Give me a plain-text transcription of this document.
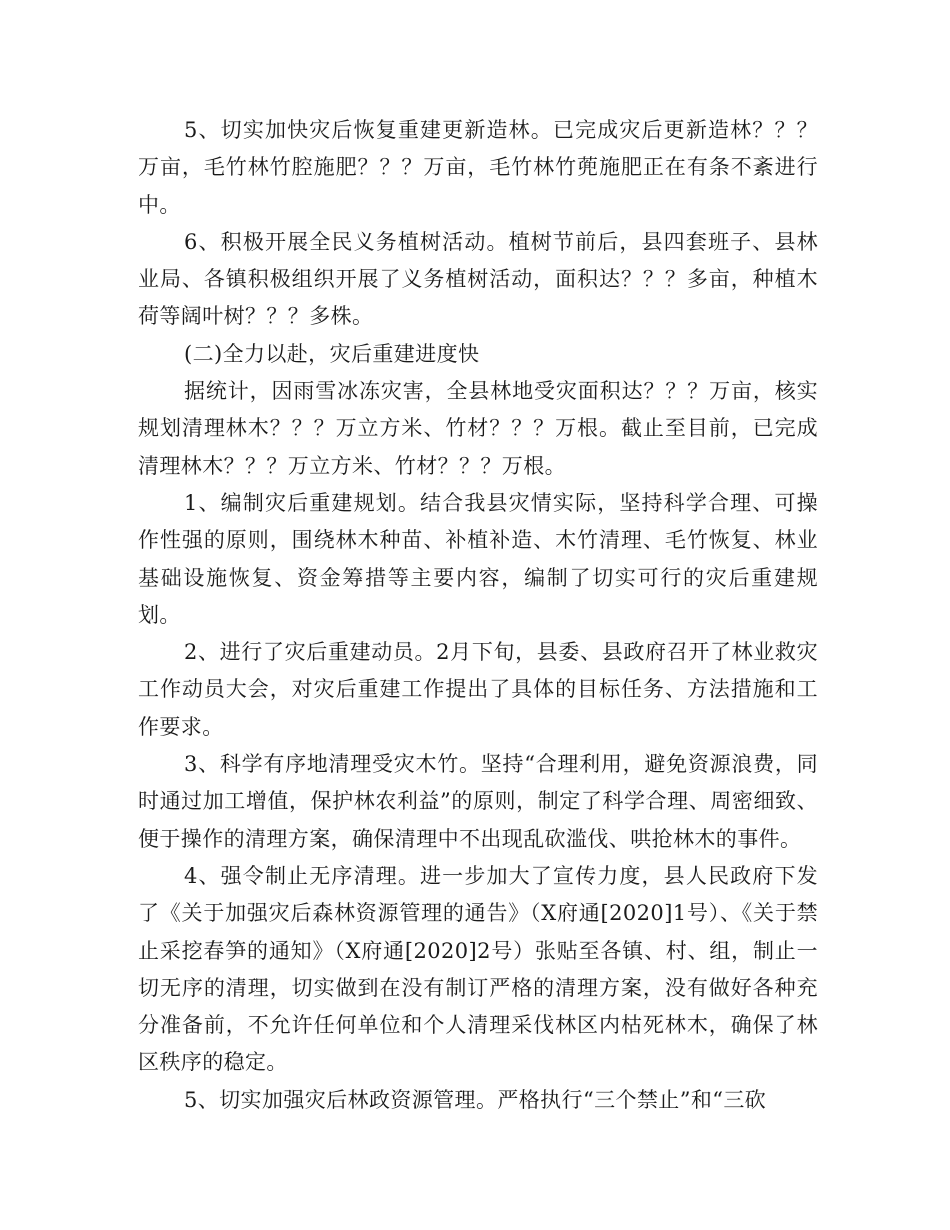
5、切实加快灾后恢复重建更新造林。已完成灾后更新造林？？？万亩，毛竹林竹腔施肥？？？万亩，毛竹林竹蔸施肥正在有条不紊进行中。

6、积极开展全民义务植树活动。植树节前后，县四套班子、县林业局、各镇积极组织开展了义务植树活动，面积达？？？多亩，种植木荷等阔叶树？？？多株。

(二)全力以赴，灾后重建进度快

据统计，因雨雪冰冻灾害，全县林地受灾面积达？？？万亩，核实规划清理林木？？？万立方米、竹材？？？万根。截止至目前，已完成清理林木？？？万立方米、竹材？？？万根。

1、编制灾后重建规划。结合我县灾情实际，坚持科学合理、可操作性强的原则，围绕林木种苗、补植补造、木竹清理、毛竹恢复、林业基础设施恢复、资金筹措等主要内容，编制了切实可行的灾后重建规划。

2、进行了灾后重建动员。2月下旬，县委、县政府召开了林业救灾工作动员大会，对灾后重建工作提出了具体的目标任务、方法措施和工作要求。

3、科学有序地清理受灾木竹。坚持“合理利用，避免资源浪费，同时通过加工增值，保护林农利益”的原则，制定了科学合理、周密细致、便于操作的清理方案，确保清理中不出现乱砍滥伐、哄抢林木的事件。

4、强令制止无序清理。进一步加大了宣传力度，县人民政府下发了《关于加强灾后森林资源管理的通告》（X府通[2020]1号）、《关于禁止采挖春笋的通知》（X府通[2020]2号）张贴至各镇、村、组，制止一切无序的清理，切实做到在没有制订严格的清理方案，没有做好各种充分准备前，不允许任何单位和个人清理采伐林区内枯死林木，确保了林区秩序的稳定。

5、切实加强灾后林政资源管理。严格执行“三个禁止”和“三砍
